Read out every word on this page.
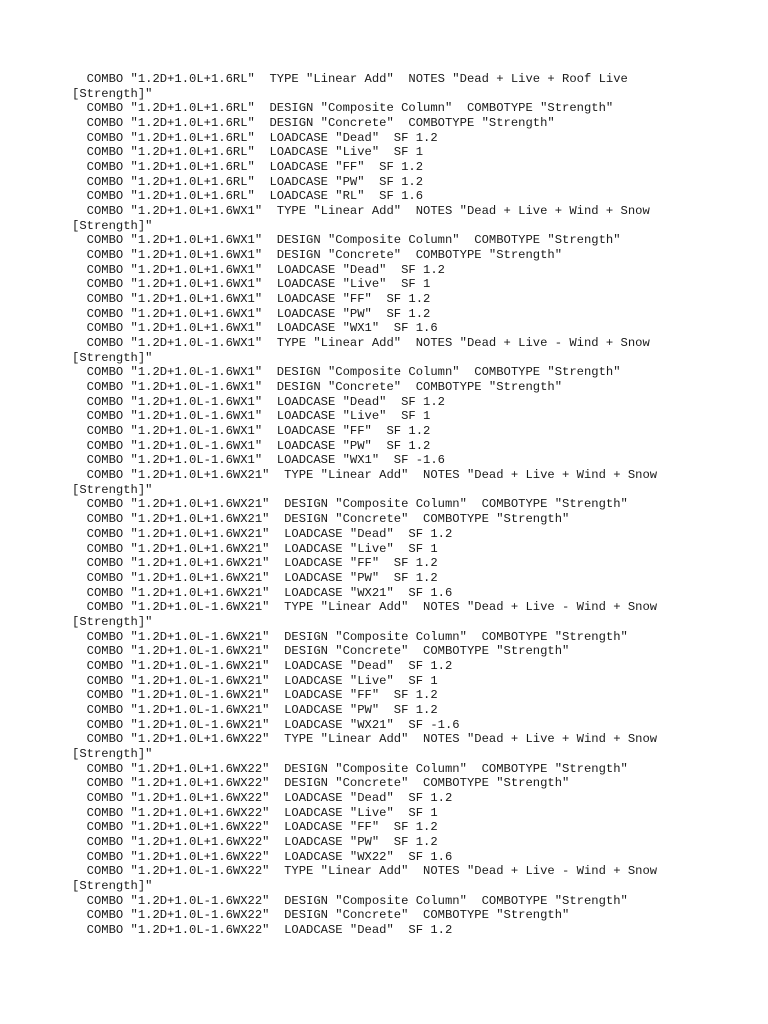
COMBO "1.2D+1.0L+1.6RL"  TYPE "Linear Add"  NOTES "Dead + Live + Roof Live
[Strength]"
COMBO "1.2D+1.0L+1.6RL"  DESIGN "Composite Column"  COMBOTYPE "Strength"
COMBO "1.2D+1.0L+1.6RL"  DESIGN "Concrete"  COMBOTYPE "Strength"
COMBO "1.2D+1.0L+1.6RL"  LOADCASE "Dead"  SF 1.2
COMBO "1.2D+1.0L+1.6RL"  LOADCASE "Live"  SF 1
COMBO "1.2D+1.0L+1.6RL"  LOADCASE "FF"  SF 1.2
COMBO "1.2D+1.0L+1.6RL"  LOADCASE "PW"  SF 1.2
COMBO "1.2D+1.0L+1.6RL"  LOADCASE "RL"  SF 1.6
COMBO "1.2D+1.0L+1.6WX1"  TYPE "Linear Add"  NOTES "Dead + Live + Wind + Snow
[Strength]"
COMBO "1.2D+1.0L+1.6WX1"  DESIGN "Composite Column"  COMBOTYPE "Strength"
COMBO "1.2D+1.0L+1.6WX1"  DESIGN "Concrete"  COMBOTYPE "Strength"
COMBO "1.2D+1.0L+1.6WX1"  LOADCASE "Dead"  SF 1.2
COMBO "1.2D+1.0L+1.6WX1"  LOADCASE "Live"  SF 1
COMBO "1.2D+1.0L+1.6WX1"  LOADCASE "FF"  SF 1.2
COMBO "1.2D+1.0L+1.6WX1"  LOADCASE "PW"  SF 1.2
COMBO "1.2D+1.0L+1.6WX1"  LOADCASE "WX1"  SF 1.6
COMBO "1.2D+1.0L-1.6WX1"  TYPE "Linear Add"  NOTES "Dead + Live - Wind + Snow
[Strength]"
COMBO "1.2D+1.0L-1.6WX1"  DESIGN "Composite Column"  COMBOTYPE "Strength"
COMBO "1.2D+1.0L-1.6WX1"  DESIGN "Concrete"  COMBOTYPE "Strength"
COMBO "1.2D+1.0L-1.6WX1"  LOADCASE "Dead"  SF 1.2
COMBO "1.2D+1.0L-1.6WX1"  LOADCASE "Live"  SF 1
COMBO "1.2D+1.0L-1.6WX1"  LOADCASE "FF"  SF 1.2
COMBO "1.2D+1.0L-1.6WX1"  LOADCASE "PW"  SF 1.2
COMBO "1.2D+1.0L-1.6WX1"  LOADCASE "WX1"  SF -1.6
COMBO "1.2D+1.0L+1.6WX21"  TYPE "Linear Add"  NOTES "Dead + Live + Wind + Snow
[Strength]"
COMBO "1.2D+1.0L+1.6WX21"  DESIGN "Composite Column"  COMBOTYPE "Strength"
COMBO "1.2D+1.0L+1.6WX21"  DESIGN "Concrete"  COMBOTYPE "Strength"
COMBO "1.2D+1.0L+1.6WX21"  LOADCASE "Dead"  SF 1.2
COMBO "1.2D+1.0L+1.6WX21"  LOADCASE "Live"  SF 1
COMBO "1.2D+1.0L+1.6WX21"  LOADCASE "FF"  SF 1.2
COMBO "1.2D+1.0L+1.6WX21"  LOADCASE "PW"  SF 1.2
COMBO "1.2D+1.0L+1.6WX21"  LOADCASE "WX21"  SF 1.6
COMBO "1.2D+1.0L-1.6WX21"  TYPE "Linear Add"  NOTES "Dead + Live - Wind + Snow
[Strength]"
COMBO "1.2D+1.0L-1.6WX21"  DESIGN "Composite Column"  COMBOTYPE "Strength"
COMBO "1.2D+1.0L-1.6WX21"  DESIGN "Concrete"  COMBOTYPE "Strength"
COMBO "1.2D+1.0L-1.6WX21"  LOADCASE "Dead"  SF 1.2
COMBO "1.2D+1.0L-1.6WX21"  LOADCASE "Live"  SF 1
COMBO "1.2D+1.0L-1.6WX21"  LOADCASE "FF"  SF 1.2
COMBO "1.2D+1.0L-1.6WX21"  LOADCASE "PW"  SF 1.2
COMBO "1.2D+1.0L-1.6WX21"  LOADCASE "WX21"  SF -1.6
COMBO "1.2D+1.0L+1.6WX22"  TYPE "Linear Add"  NOTES "Dead + Live + Wind + Snow
[Strength]"
COMBO "1.2D+1.0L+1.6WX22"  DESIGN "Composite Column"  COMBOTYPE "Strength"
COMBO "1.2D+1.0L+1.6WX22"  DESIGN "Concrete"  COMBOTYPE "Strength"
COMBO "1.2D+1.0L+1.6WX22"  LOADCASE "Dead"  SF 1.2
COMBO "1.2D+1.0L+1.6WX22"  LOADCASE "Live"  SF 1
COMBO "1.2D+1.0L+1.6WX22"  LOADCASE "FF"  SF 1.2
COMBO "1.2D+1.0L+1.6WX22"  LOADCASE "PW"  SF 1.2
COMBO "1.2D+1.0L+1.6WX22"  LOADCASE "WX22"  SF 1.6
COMBO "1.2D+1.0L-1.6WX22"  TYPE "Linear Add"  NOTES "Dead + Live - Wind + Snow
[Strength]"
COMBO "1.2D+1.0L-1.6WX22"  DESIGN "Composite Column"  COMBOTYPE "Strength"
COMBO "1.2D+1.0L-1.6WX22"  DESIGN "Concrete"  COMBOTYPE "Strength"
COMBO "1.2D+1.0L-1.6WX22"  LOADCASE "Dead"  SF 1.2
